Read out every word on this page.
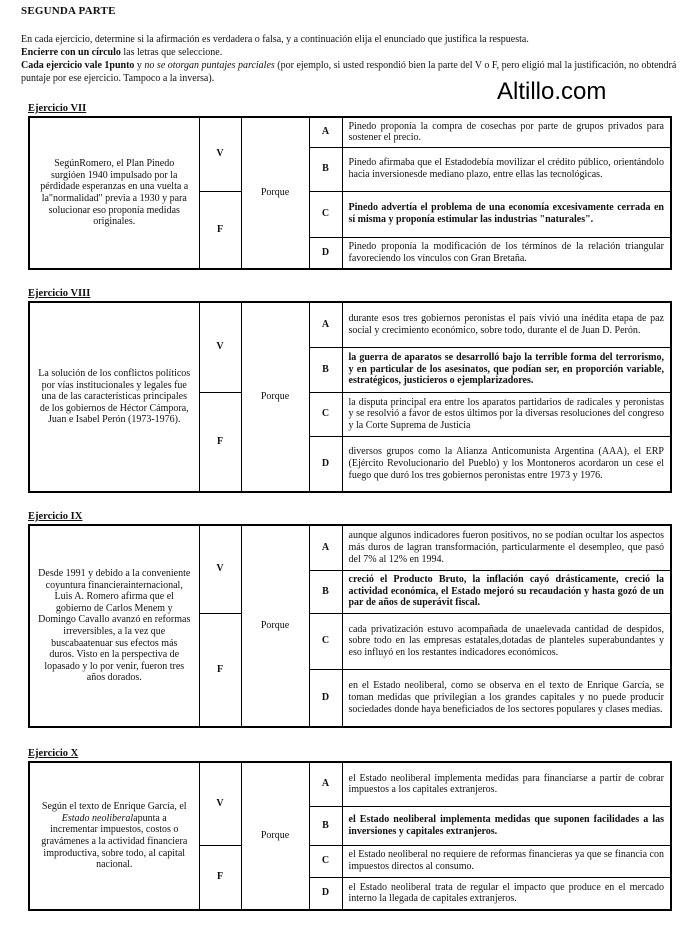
SEGUNDA PARTE

En cada ejercicio, determine si la afirmación es verdadera o falsa, y a continuación elija el enunciado que justifica la respuesta.

Encierre con un círculo las letras que seleccione.

Cada ejercicio vale 1punto y no se otorgan puntajes parciales (por ejemplo, si usted respondió bien la parte del V o F, pero eligió mal la justificación, no obtendrá puntaje por ese ejercicio. Tampoco a la inversa).	Altillo.com
Ejercicio VII
SegúnRomero, el Plan Pinedo surgióen 1940 impulsado por la pérdidade esperanzas en una vuelta a la"normalidad" previa a 1930 y para solucionar eso proponía medidas originales.	V	Porque	A	Pinedo proponía la compra de cosechas por parte de grupos privados para sostener el precio.
			B	Pinedo afirmaba que el Estadodebía movilizar el crédito público, orientándolo hacia inversionesde mediano plazo, entre ellas las tecnológicas.
	F		C	Pinedo advertía el problema de una economía excesivamente cerrada en sí misma y proponía estimular las industrias "naturales".
			D	Pinedo proponía la modificación de los términos de la relación triangular favoreciendo los vínculos con Gran Bretaña.
Ejercicio VIII
La solución de los conflictos políticos por vías institucionales y legales fue una de las características principales de los gobiernos de Héctor Cámpora, Juan e Isabel Perón (1973-1976).	V	Porque	A	durante esos tres gobiernos peronistas el país vivió una inédita etapa de paz social y crecimiento económico, sobre todo, durante el de Juan D. Perón.
			B	la guerra de aparatos se desarrolló bajo la terrible forma del terrorismo, y en particular de los asesinatos, que podían ser, en proporción variable, estratégicos, justicieros o ejemplarizadores.
	F		C	la disputa principal era entre los aparatos partidarios de radicales y peronistas y se resolvió a favor de estos últimos por la diversas resoluciones del congreso y la Corte Suprema de Justicia
			D	diversos grupos como la Alianza Anticomunista Argentina (AAA), el ERP (Ejército Revolucionario del Pueblo) y los Montoneros acordaron un cese el fuego que duró los tres gobiernos peronistas entre 1973 y 1976.
Ejercicio IX
Desde 1991 y debido a la conveniente coyuntura financierainternacional, Luis A. Romero afirma que el gobierno de Carlos Menem y Domingo Cavallo avanzó en reformas irreversibles, a la vez que buscabaatenuar sus efectos más duros. Visto en la perspectiva de lopasado y lo por venir, fueron tres años dorados.	V	Porque	A	aunque algunos indicadores fueron positivos, no se podían ocultar los aspectos más duros de lagran transformación, particularmente el desempleo, que pasó del 7% al 12% en 1994.
			B	creció el Producto Bruto, la inflación cayó drásticamente, creció la actividad económica, el Estado mejoró su recaudación y hasta gozó de un par de años de superávit fiscal.
	F		C	cada privatización estuvo acompañada de unaelevada cantidad de despidos, sobre todo en las empresas estatales,dotadas de planteles superabundantes y eso influyó en los restantes indicadores económicos.
			D	en el Estado neoliberal, como se observa en el texto de Enrique García, se toman medidas que privilegian a los grandes capitales y no puede producir sociedades donde haya beneficiados de los sectores populares y clases medias.
Ejercicio X
Según el texto de Enrique García, el Estado neoliberalapunta a incrementar impuestos, costos o gravámenes a la actividad financiera improductiva, sobre todo, al capital nacional.	V	Porque	A	el Estado neoliberal implementa medidas para financiarse a partir de cobrar impuestos a los capitales extranjeros.
			B	el Estado neoliberal implementa medidas que suponen facilidades a las inversiones y capitales extranjeros.
	F		C	el Estado neoliberal no requiere de reformas financieras ya que se financia con impuestos directos al consumo.
			D	el Estado neoliberal trata de regular el impacto que produce en el mercado interno la llegada de capitales extranjeros.
